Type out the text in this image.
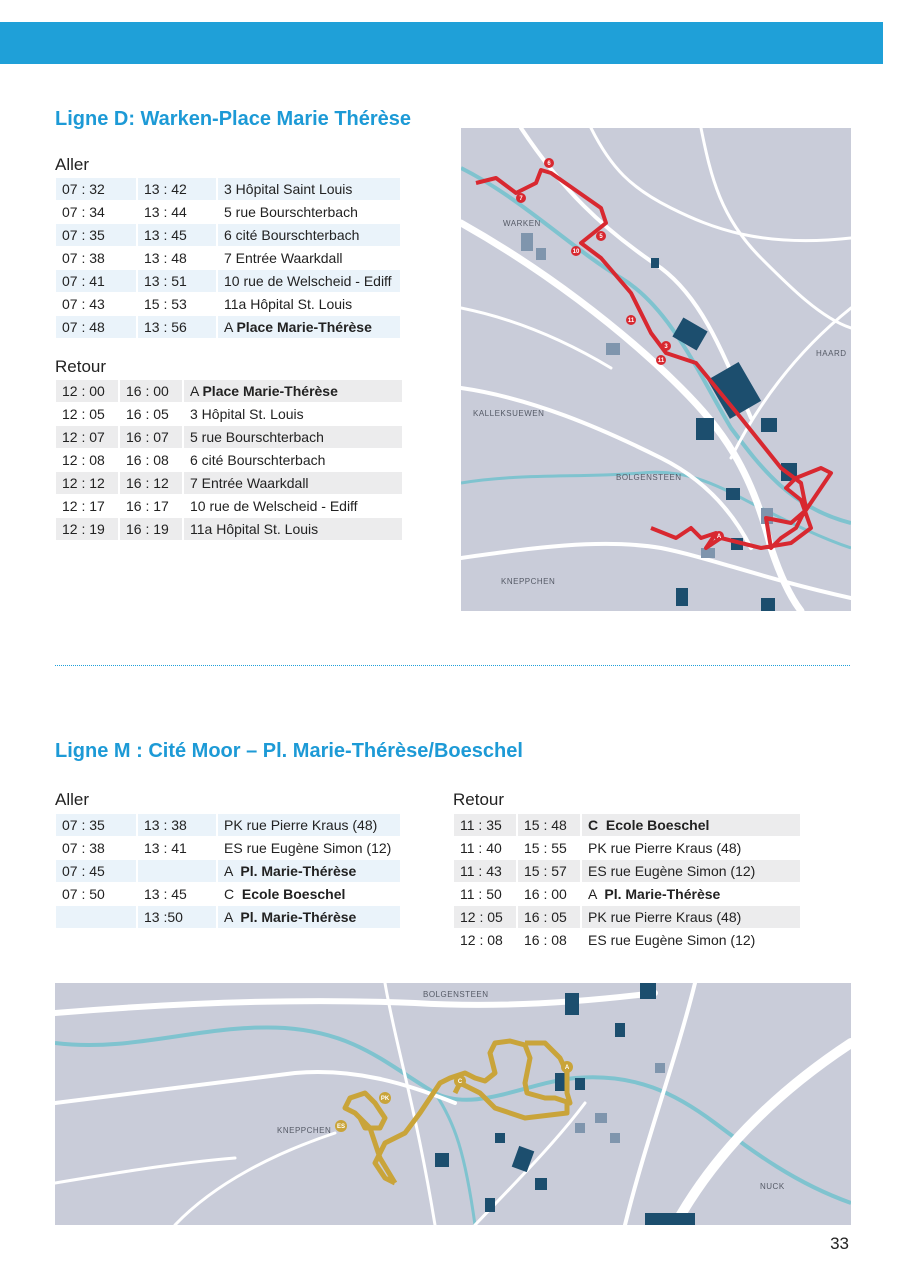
Ligne D: Warken-Place Marie Thérèse
Aller
07 : 32	13 : 42	3 Hôpital Saint Louis
07 : 34	13 : 44	5 rue Bourschterbach
07 : 35	13 : 45	6 cité Bourschterbach
07 : 38	13 : 48	7 Entrée Waarkdall
07 : 41	13 : 51	10 rue de Welscheid - Ediff
07 : 43	15 : 53	11a Hôpital St. Louis
07 : 48	13 : 56	A Place Marie-Thérèse
Retour
12 : 00	16 : 00	A Place Marie-Thérèse
12 : 05	16 : 05	3 Hôpital St. Louis
12 : 07	16 : 07	5 rue Bourschterbach
12 : 08	16 : 08	6 cité Bourschterbach
12 : 12	16 : 12	7 Entrée Waarkdall
12 : 17	16 : 17	10 rue de Welscheid - Ediff
12 : 19	16 : 19	11a Hôpital St. Louis
6
7
5
10
11
3
11
A
WARKEN
HAARD
KALLEKSUEWEN
BOLGENSTEEN
KNEPPCHEN
Ligne M : Cité Moor – Pl. Marie-Thérèse/Boeschel
Aller
07 : 35	13 : 38	PK rue Pierre Kraus (48)
07 : 38	13 : 41	ES rue Eugène Simon (12)
07 : 45		A  Pl. Marie-Thérèse
07 : 50	13 : 45	C  Ecole Boeschel
	13 :50	A  Pl. Marie-Thérèse
Retour
11 : 35	15 : 48	C  Ecole Boeschel
11 : 40	15 : 55	PK rue Pierre Kraus (48)
11 : 43	15 : 57	ES rue Eugène Simon (12)
11 : 50	16 : 00	A  Pl. Marie-Thérèse
12 : 05	16 : 05	PK rue Pierre Kraus (48)
12 : 08	16 : 08	ES rue Eugène Simon (12)
PK
ES
C
A
BOLGENSTEEN
KNEPPCHEN
NUCK
33
